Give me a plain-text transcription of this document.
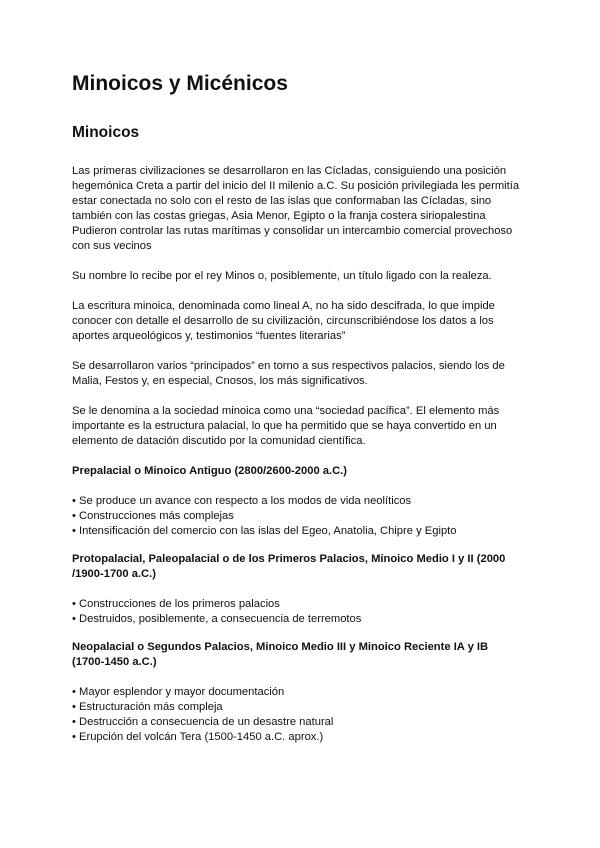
Minoicos y Micénicos
Minoicos

Las primeras civilizaciones se desarrollaron en las Cícladas, consiguiendo una posición
hegemónica Creta a partir del inicio del II milenio a.C. Su posición privilegiada les permitía
estar conectada no solo con el resto de las islas que conformaban las Cícladas, sino
también con las costas griegas, Asia Menor, Egipto o la franja costera siriopalestina
Pudieron controlar las rutas marítimas y consolidar un intercambio comercial provechoso
con sus vecinos

Su nombre lo recibe por el rey Minos o, posiblemente, un título ligado con la realeza.

La escritura minoica, denominada como lineal A, no ha sido descifrada, lo que impide
conocer con detalle el desarrollo de su civilización, circunscribiéndose los datos a los
aportes arqueológicos y, testimonios “fuentes literarias”

Se desarrollaron varios “principados” en torno a sus respectivos palacios, siendo los de
Malia, Festos y, en especial, Cnosos, los más significativos.

Se le denomina a la sociedad minoica como una “sociedad pacífica”. El elemento más
importante es la estructura palacial, lo que ha permitido que se haya convertido en un
elemento de datación discutido por la comunidad científica.

Prepalacial o Minoico Antiguo (2800/2600-2000 a.C.)

• Se produce un avance con respecto a los modos de vida neolíticos
• Construcciones más complejas
• Intensificación del comercio con las islas del Egeo, Anatolia, Chipre y Egipto

Protopalacial, Paleopalacial o de los Primeros Palacios, Minoico Medio I y II (2000
/1900-1700 a.C.)

• Construcciones de los primeros palacios
• Destruidos, posiblemente, a consecuencia de terremotos

Neopalacial o Segundos Palacios, Minoico Medio III y Minoico Reciente IA y IB
(1700-1450 a.C.)

• Mayor esplendor y mayor documentación
• Estructuración más compleja
• Destrucción a consecuencia de un desastre natural
• Erupción del volcán Tera (1500-1450 a.C. aprox.)
